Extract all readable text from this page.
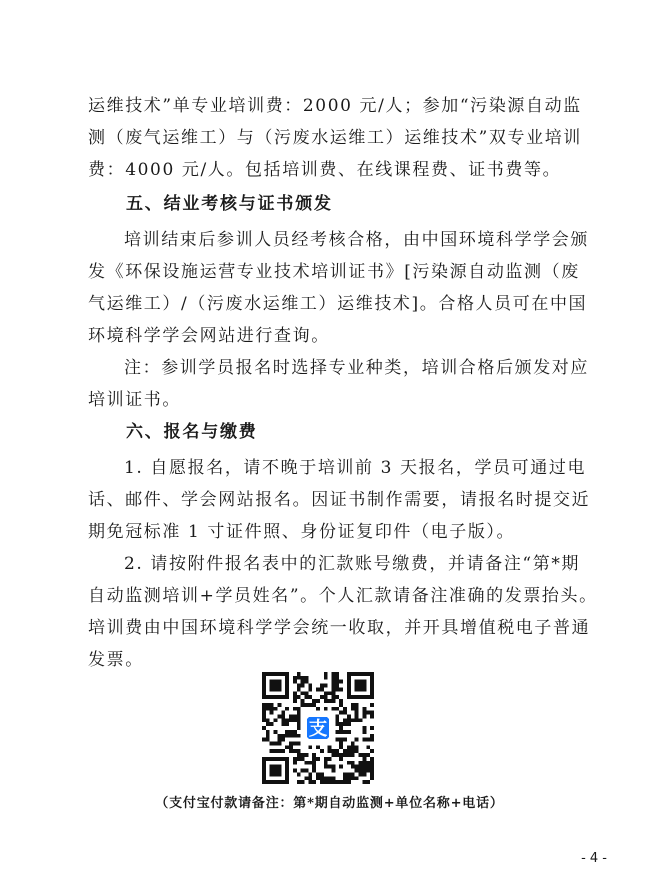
运维技术”单专业培训费：2000 元/人；参加“污染源自动监
测（废气运维工）与（污废水运维工）运维技术”双专业培训
费：4000 元/人。包括培训费、在线课程费、证书费等。
五、结业考核与证书颁发
培训结束后参训人员经考核合格，由中国环境科学学会颁
发《环保设施运营专业技术培训证书》[污染源自动监测（废
气运维工）/（污废水运维工）运维技术]。合格人员可在中国
环境科学学会网站进行查询。
注：参训学员报名时选择专业种类，培训合格后颁发对应
培训证书。
六、报名与缴费
1. 自愿报名，请不晚于培训前 3 天报名，学员可通过电
话、邮件、学会网站报名。因证书制作需要，请报名时提交近
期免冠标准 1 寸证件照、身份证复印件（电子版）。
2. 请按附件报名表中的汇款账号缴费，并请备注“第*期
自动监测培训+学员姓名”。个人汇款请备注准确的发票抬头。
培训费由中国环境科学学会统一收取，并开具增值税电子普通
发票。
支
（支付宝付款请备注：第*期自动监测+单位名称+电话）
- 4 -
